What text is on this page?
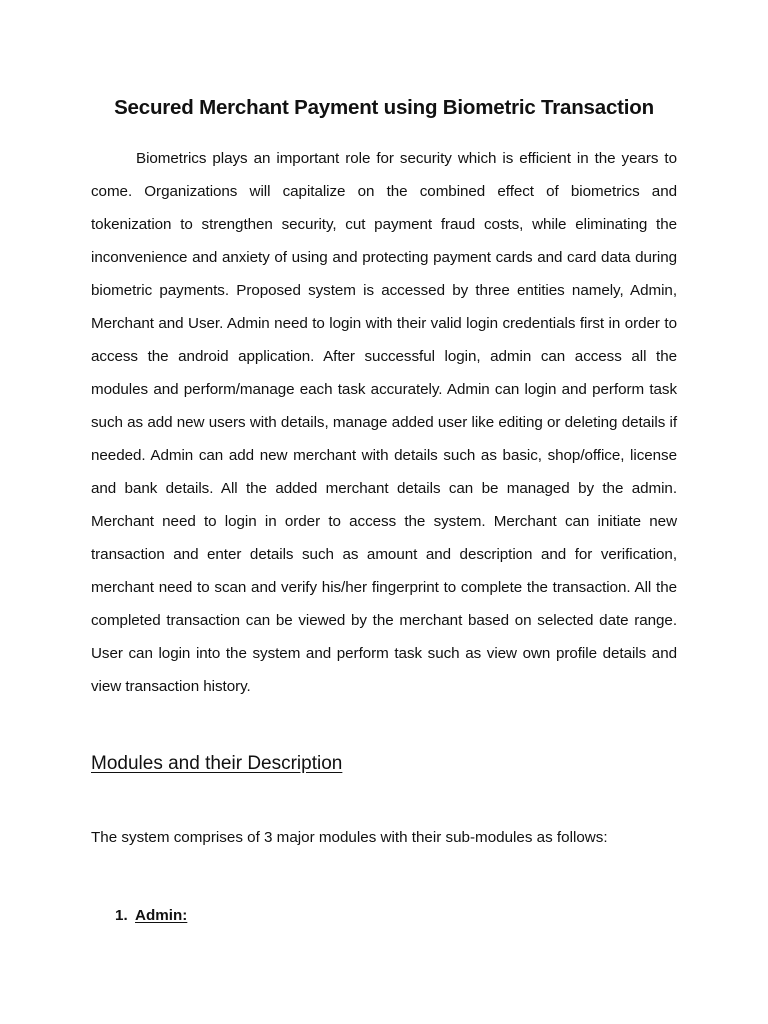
Secured Merchant Payment using Biometric Transaction

Biometrics plays an important role for security which is efficient in the years to come. Organizations will capitalize on the combined effect of biometrics and tokenization to strengthen security, cut payment fraud costs, while eliminating the inconvenience and anxiety of using and protecting payment cards and card data during biometric payments. Proposed system is accessed by three entities namely, Admin, Merchant and User. Admin need to login with their valid login credentials first in order to access the android application. After successful login, admin can access all the modules and perform/manage each task accurately. Admin can login and perform task such as add new users with details, manage added user like editing or deleting details if needed. Admin can add new merchant with details such as basic, shop/office, license and bank details. All the added merchant details can be managed by the admin. Merchant need to login in order to access the system. Merchant can initiate new transaction and enter details such as amount and description and for verification, merchant need to scan and verify his/her fingerprint to complete the transaction. All the completed transaction can be viewed by the merchant based on selected date range. User can login into the system and perform task such as view own profile details and view transaction history.

Modules and their Description

The system comprises of 3 major modules with their sub-modules as follows:

1. Admin:
